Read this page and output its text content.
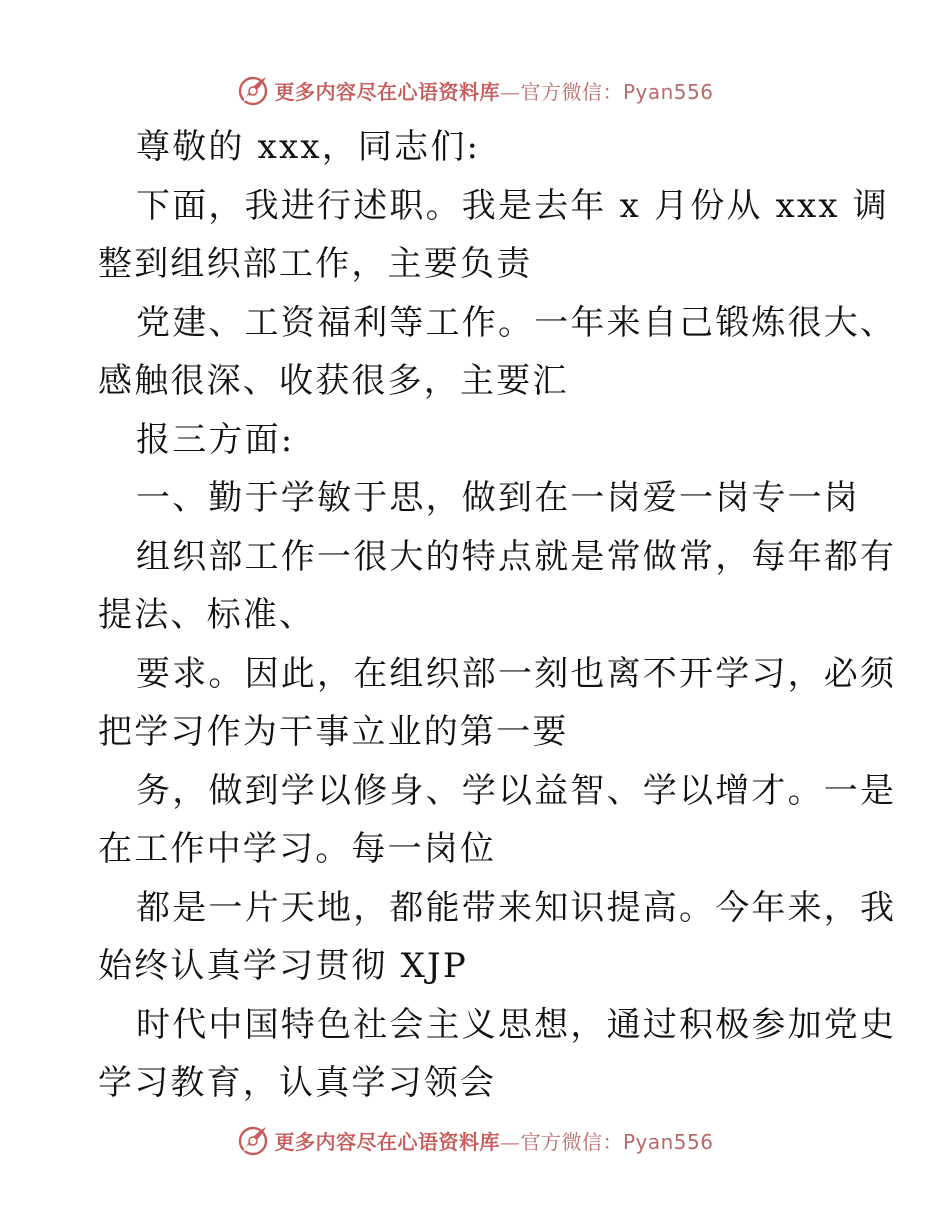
更多内容尽在心语资料库—官方微信：Pyan556
尊敬的 xxx，同志们:
下面，我进行述职。我是去年 x 月份从 xxx 调
整到组织部工作，主要负责
党建、工资福利等工作。一年来自己锻炼很大、
感触很深、收获很多，主要汇
报三方面:
一、勤于学敏于思，做到在一岗爱一岗专一岗
组织部工作一很大的特点就是常做常，每年都有
提法、标准、
要求。因此，在组织部一刻也离不开学习，必须
把学习作为干事立业的第一要
务，做到学以修身、学以益智、学以增才。一是
在工作中学习。每一岗位
都是一片天地，都能带来知识提高。今年来，我
始终认真学习贯彻 XJP
时代中国特色社会主义思想，通过积极参加党史
学习教育，认真学习领会
更多内容尽在心语资料库—官方微信：Pyan556
